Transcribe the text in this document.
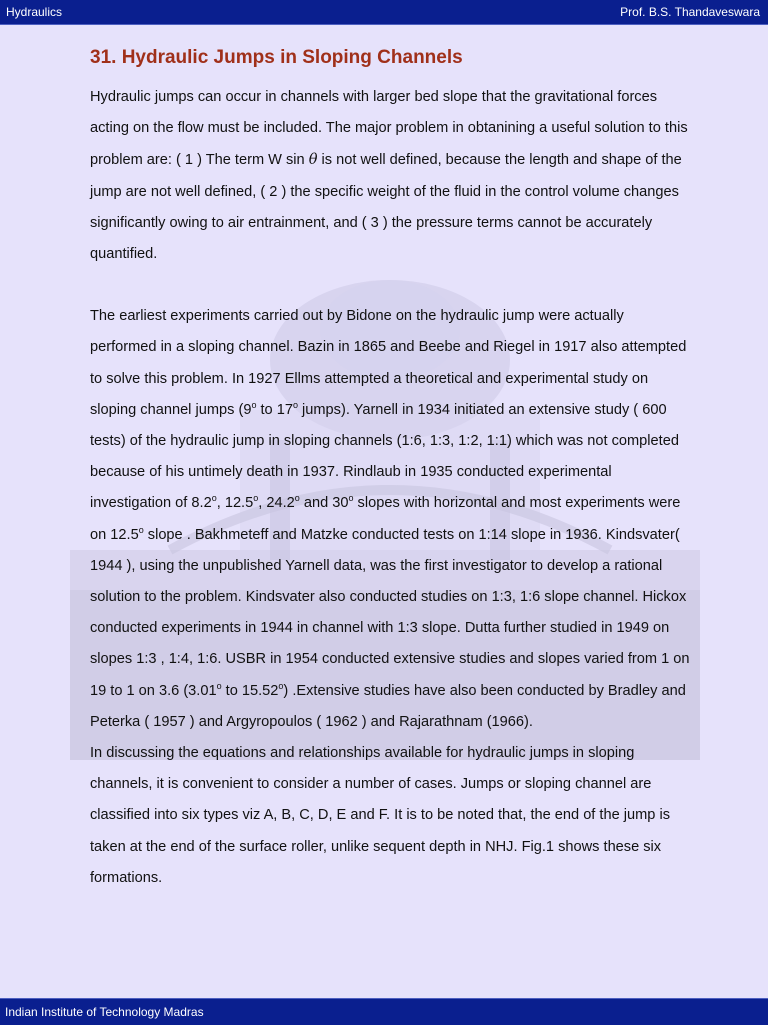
Hydraulics	Prof. B.S. Thandaveswara
31. Hydraulic Jumps in Sloping Channels

Hydraulic jumps can occur in channels with larger bed slope that the gravitational forces acting on the flow must be included. The major problem in obtanining a useful solution to this problem are: ( 1 ) The term W sin θ is not well defined, because the length and shape of the jump are not well defined, ( 2 ) the specific weight of the fluid in the control volume changes significantly owing to air entrainment, and ( 3 ) the pressure terms cannot be accurately quantified.

The earliest experiments carried out by Bidone on the hydraulic jump were actually performed in a sloping channel. Bazin in 1865 and Beebe and Riegel in 1917 also attempted to solve this problem. In 1927 Ellms attempted a theoretical and experimental study on sloping channel jumps (9$^o$ to 17$^o$ jumps). Yarnell in 1934 initiated an extensive study ( 600 tests) of the hydraulic jump in sloping channels (1:6, 1:3, 1:2, 1:1) which was not completed because of his untimely death in 1937. Rindlaub in 1935 conducted experimental investigation of 8.2$^o$, 12.5$^o$, 24.2$^o$ and 30$^o$ slopes with horizontal and most experiments were on 12.5$^o$ slope . Bakhmeteff and Matzke conducted tests on 1:14 slope in 1936. Kindsvater( 1944 ), using the unpublished Yarnell data, was the first investigator to develop a rational solution to the problem. Kindsvater also conducted studies on 1:3, 1:6 slope channel. Hickox conducted experiments in 1944 in channel with 1:3 slope. Dutta further studied in 1949 on slopes 1:3 , 1:4, 1:6. USBR in 1954 conducted extensive studies and slopes varied from 1 on 19 to 1 on 3.6 (3.01$^o$ to 15.52$^o$) .Extensive studies have also been conducted by Bradley and Peterka ( 1957 ) and Argyropoulos ( 1962 ) and Rajarathnam (1966).

In discussing the equations and relationships available for hydraulic jumps in sloping channels, it is convenient to consider a number of cases. Jumps or sloping channel are classified into six types viz A, B, C, D, E and F. It is to be noted that, the end of the jump is taken at the end of the surface roller, unlike sequent depth in NHJ. Fig.1 shows these six formations.

Indian Institute of Technology Madras
